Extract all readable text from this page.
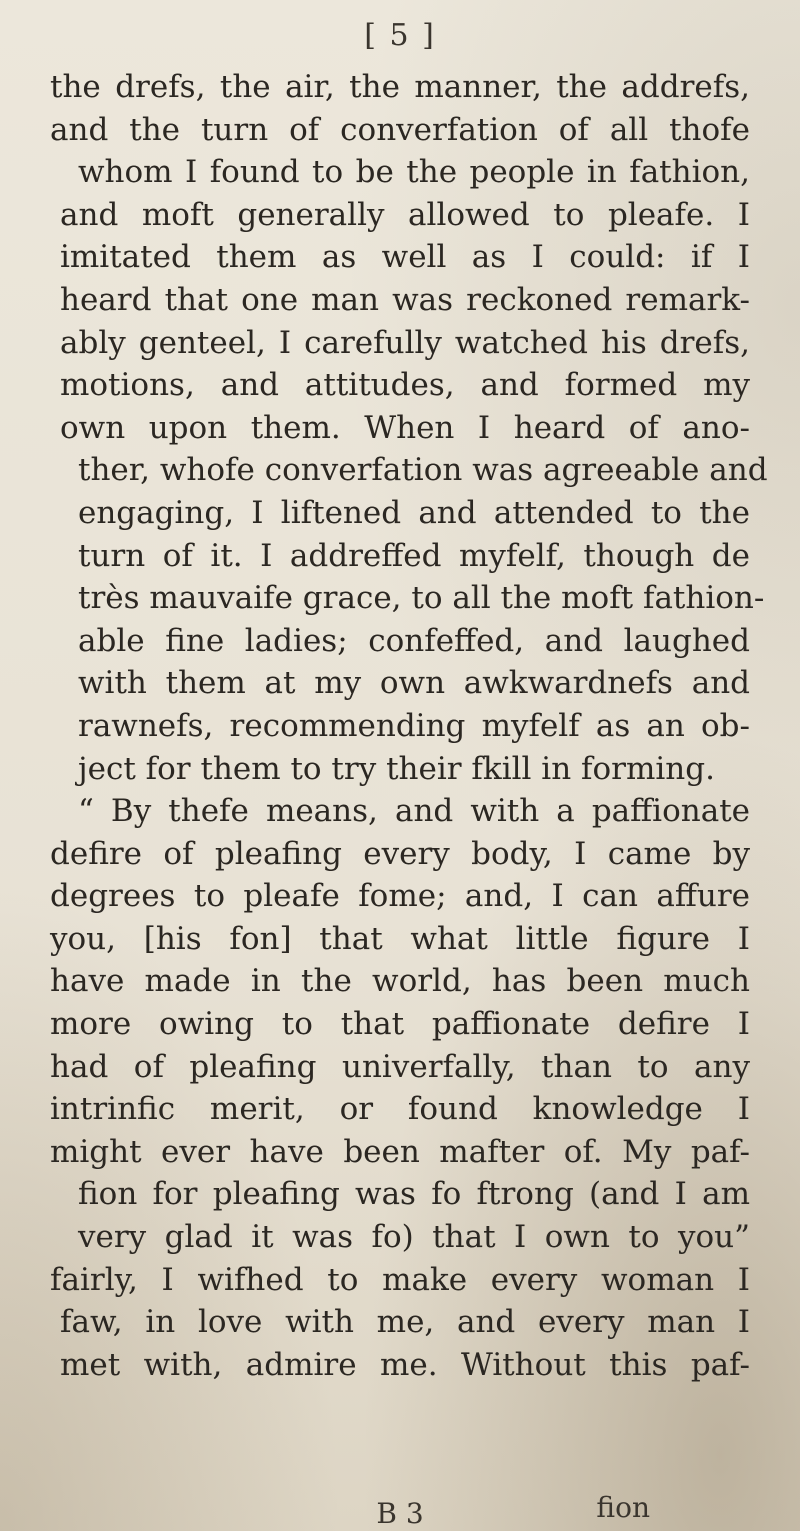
[ 5 ]
the drefs, the air, the manner, the addrefs,
and the turn of converfation of all thofe
whom I found to be the people in fathion,
and moft generally allowed to pleafe. I
imitated them as well as I could: if I
heard that one man was reckoned remark-
ably genteel, I carefully watched his drefs,
motions, and attitudes, and formed my
own upon them. When I heard of ano-
ther, whofe converfation was agreeable and
engaging, I liftened and attended to the
turn of it. I addreffed myfelf, though de
très mauvaife grace, to all the moft fathion-
able fine ladies; confeffed, and laughed
with them at my own awkwardnefs and
rawnefs, recommending myfelf as an ob-
ject for them to try their fkill in forming.
“ By thefe means, and with a paffionate
defire of pleafing every body, I came by
degrees to pleafe fome; and, I can affure
you, [his fon] that what little figure I
have made in the world, has been much
more owing to that paffionate defire I
had of pleafing univerfally, than to any
intrinfic merit, or found knowledge I
might ever have been mafter of. My paf-
fion for pleafing was fo ftrong (and I am
very glad it was fo) that I own to you”
fairly, I wifhed to make every woman I
faw, in love with me, and every man I
met with, admire me. Without this paf-
B 3	fion
